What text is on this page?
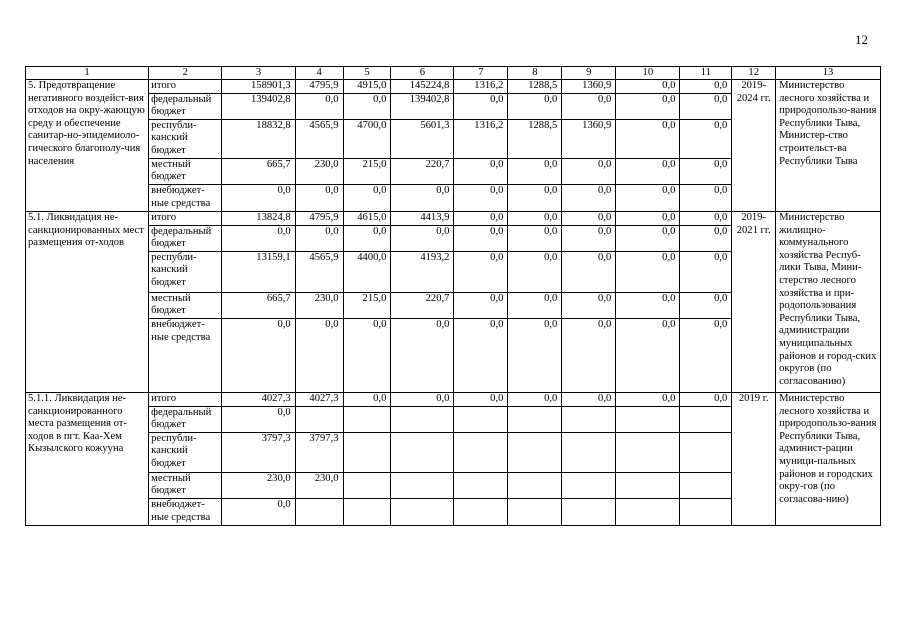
12
1	2	3	4	5	6	7	8	9	10	11	12	13
5. Предотвращение негативного воздейст-вия отходов на окру-жающую среду и обеспечение санитар-но-эпидемиоло-гического благополу-чия населения	итого	158901,3	4795,9	4915,0	145224,8	1316,2	1288,5	1360,9	0,0	0,0	2019-2024 гг.	Министерство лесного хозяйства и природопользо-вания Республики Тыва, Министер-ство строительст-ва Республики Тыва
	федеральный бюджет	139402,8	0,0	0,0	139402,8	0,0	0,0	0,0	0,0	0,0		
	республи-канский бюджет	18832,8	4565,9	4700,0	5601,3	1316,2	1288,5	1360,9	0,0	0,0		
	местный бюджет	665,7	230,0	215,0	220,7	0,0	0,0	0,0	0,0	0,0		
	внебюджет-ные средства	0,0	0,0	0,0	0,0	0,0	0,0	0,0	0,0	0,0		
5.1. Ликвидация не-санкционированных мест размещения от-ходов	итого	13824,8	4795,9	4615,0	4413,9	0,0	0,0	0,0	0,0	0,0	2019-2021 гг.	Министерство жилищно-коммунального хозяйства Респуб-лики Тыва, Мини-стерство лесного хозяйства и при-родопользования Республики Тыва, администрации муниципальных районов и город-ских округов (по согласованию)
	федеральный бюджет	0,0	0,0	0,0	0,0	0,0	0,0	0,0	0,0	0,0		
	республи-канский бюджет	13159,1	4565,9	4400,0	4193,2	0,0	0,0	0,0	0,0	0,0		
	местный бюджет	665,7	230,0	215,0	220,7	0,0	0,0	0,0	0,0	0,0		
	внебюджет-ные средства	0,0	0,0	0,0	0,0	0,0	0,0	0,0	0,0	0,0		
5.1.1. Ликвидация не-санкционированного места размещения от-ходов в пгт. Каа-Хем Кызылского кожууна	итого	4027,3	4027,3	0,0	0,0	0,0	0,0	0,0	0,0	0,0	2019 г.	Министерство лесного хозяйства и природопользо-вания Республики Тыва, админист-рации муници-пальных районов и городских окру-гов (по согласова-нию)
	федеральный бюджет	0,0										
	республи-канский бюджет	3797,3	3797,3									
	местный бюджет	230,0	230,0									
	внебюджет-ные средства	0,0										
